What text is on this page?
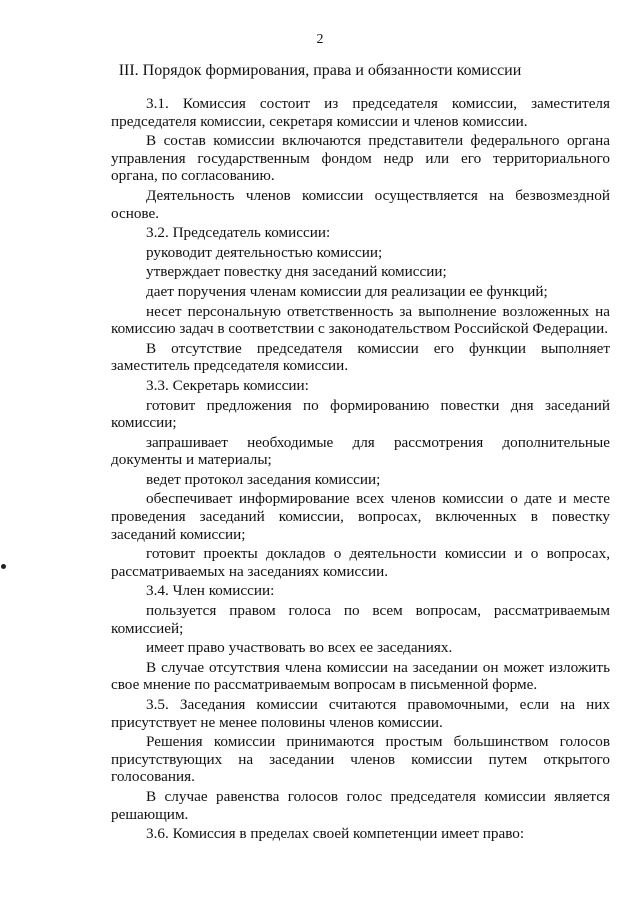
2
III. Порядок формирования, права и обязанности комиссии

3.1. Комиссия состоит из председателя комиссии, заместителя председателя комиссии, секретаря комиссии и членов комиссии.

В состав комиссии включаются представители федерального органа управления государственным фондом недр или его территориального органа, по согласованию.

Деятельность членов комиссии осуществляется на безвозмездной основе.

3.2. Председатель комиссии:

руководит деятельностью комиссии;

утверждает повестку дня заседаний комиссии;

дает поручения членам комиссии для реализации ее функций;

несет персональную ответственность за выполнение возложенных на комиссию задач в соответствии с законодательством Российской Федерации.

В отсутствие председателя комиссии его функции выполняет заместитель председателя комиссии.

3.3. Секретарь комиссии:

готовит предложения по формированию повестки дня заседаний комиссии;

запрашивает необходимые для рассмотрения дополнительные документы и материалы;

ведет протокол заседания комиссии;

обеспечивает информирование всех членов комиссии о дате и месте проведения заседаний комиссии, вопросах, включенных в повестку заседаний комиссии;

готовит проекты докладов о деятельности комиссии и о вопросах, рассматриваемых на заседаниях комиссии.

3.4. Член комиссии:

пользуется правом голоса по всем вопросам, рассматриваемым комиссией;

имеет право участвовать во всех ее заседаниях.

В случае отсутствия члена комиссии на заседании он может изложить свое мнение по рассматриваемым вопросам в письменной форме.

3.5. Заседания комиссии считаются правомочными, если на них присутствует не менее половины членов комиссии.

Решения комиссии принимаются простым большинством голосов присутствующих на заседании членов комиссии путем открытого голосования.

В случае равенства голосов голос председателя комиссии является решающим.

3.6. Комиссия в пределах своей компетенции имеет право:
